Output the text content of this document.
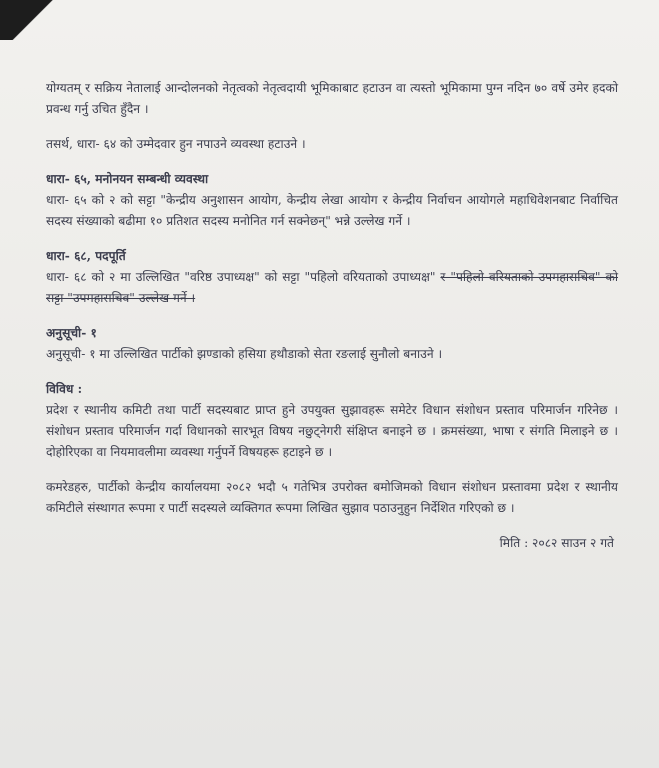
योग्यतम् र सक्रिय नेतालाई आन्दोलनको नेतृत्वको नेतृत्वदायी भूमिकाबाट हटाउन वा त्यस्तो भूमिकामा पुग्न नदिन ७० वर्षे उमेर हदको प्रवन्ध गर्नु उचित हुँदैन ।

तसर्थ, धारा- ६४ को उम्मेदवार हुन नपाउने व्यवस्था हटाउने ।

धारा- ६५, मनोनयन सम्बन्धी व्यवस्था

धारा- ६५ को २ को सट्टा "केन्द्रीय अनुशासन आयोग, केन्द्रीय लेखा आयोग र केन्द्रीय निर्वाचन आयोगले महाधिवेशनबाट निर्वाचित सदस्य संख्याको बढीमा १० प्रतिशत सदस्य मनोनित गर्न सक्नेछन्" भन्ने उल्लेख गर्ने ।

धारा- ६८, पदपूर्ति

धारा- ६८ को २ मा उल्लिखित "वरिष्ठ उपाध्यक्ष" को सट्टा "पहिलो वरियताको उपाध्यक्ष" र "पहिलो वरियताको उपमहासचिव" को सट्टा "उपमहासचिव" उल्लेख गर्ने ।

अनुसूची- १

अनुसूची- १ मा उल्लिखित पार्टीको झण्डाको हसिया हथौडाको सेता रङलाई सुनौलो बनाउने ।

विविध :

प्रदेश र स्थानीय कमिटी तथा पार्टी सदस्यबाट प्राप्त हुने उपयुक्त सुझावहरू समेटेर विधान संशोधन प्रस्ताव परिमार्जन गरिनेछ । संशोधन प्रस्ताव परिमार्जन गर्दा विधानको सारभूत विषय नछुट्नेगरी संक्षिप्त बनाइने छ । क्रमसंख्या, भाषा र संगति मिलाइने छ । दोहोरिएका वा नियमावलीमा व्यवस्था गर्नुपर्ने विषयहरू हटाइने छ ।

कमरेडहरु, पार्टीको केन्द्रीय कार्यालयमा २०८२ भदौ ५ गतेभित्र उपरोक्त बमोजिमको विधान संशोधन प्रस्तावमा प्रदेश र स्थानीय कमिटीले संस्थागत रूपमा र पार्टी सदस्यले व्यक्तिगत रूपमा लिखित सुझाव पठाउनुहुन निर्देशित गरिएको छ ।

मिति : २०८२ साउन २ गते
